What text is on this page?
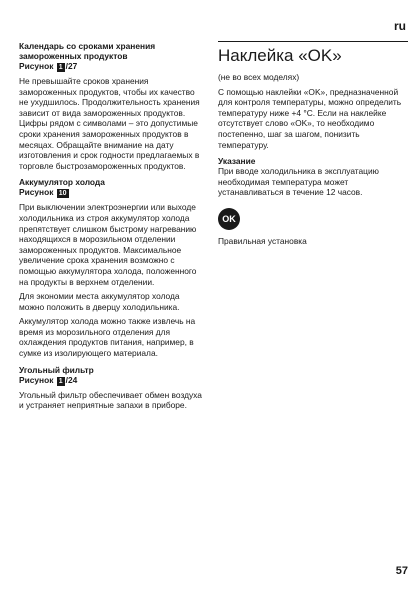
ru

Календарь со сроками хранения замороженных продуктов

Рисунок 1 /27

Не превышайте сроков хранения замороженных продуктов, чтобы их качество не ухудшилось. Продолжительность хранения зависит от вида замороженных продуктов. Цифры рядом с символами – это допустимые сроки хранения замороженных продуктов в месяцах. Обращайте внимание на дату изготовления и срок годности предлагаемых в торговле быстрозамороженных продуктов.

Аккумулятор холода

Рисунок 10

При выключении электроэнергии или выходе холодильника из строя аккумулятор холода препятствует слишком быстрому нагреванию находящихся в морозильном отделении замороженных продуктов. Максимальное увеличение срока хранения возможно с помощью аккумулятора холода, положенного на продукты в верхнем отделении.

Для экономии места аккумулятор холода можно положить в дверцу холодильника.

Аккумулятор холода можно также извлечь на время из морозильного отделения для охлаждения продуктов питания, например, в сумке из изолирующего материала.

Угольный фильтр

Рисунок 1 /24

Угольный фильтр обеспечивает обмен воздуха и устраняет неприятные запахи в приборе.

Наклейка «OK»

(не во всех моделях)

С помощью наклейки «OK», предназначенной для контроля температуры, можно определить температуру ниже +4 °C. Если на наклейке отсутствует слово «OK», то необходимо постепенно, шаг за шагом, понизить температуру.

Указание

При вводе холодильника в эксплуатацию необходимая температура может устанавливаться в течение 12 часов.

OK

Правильная установка

57
